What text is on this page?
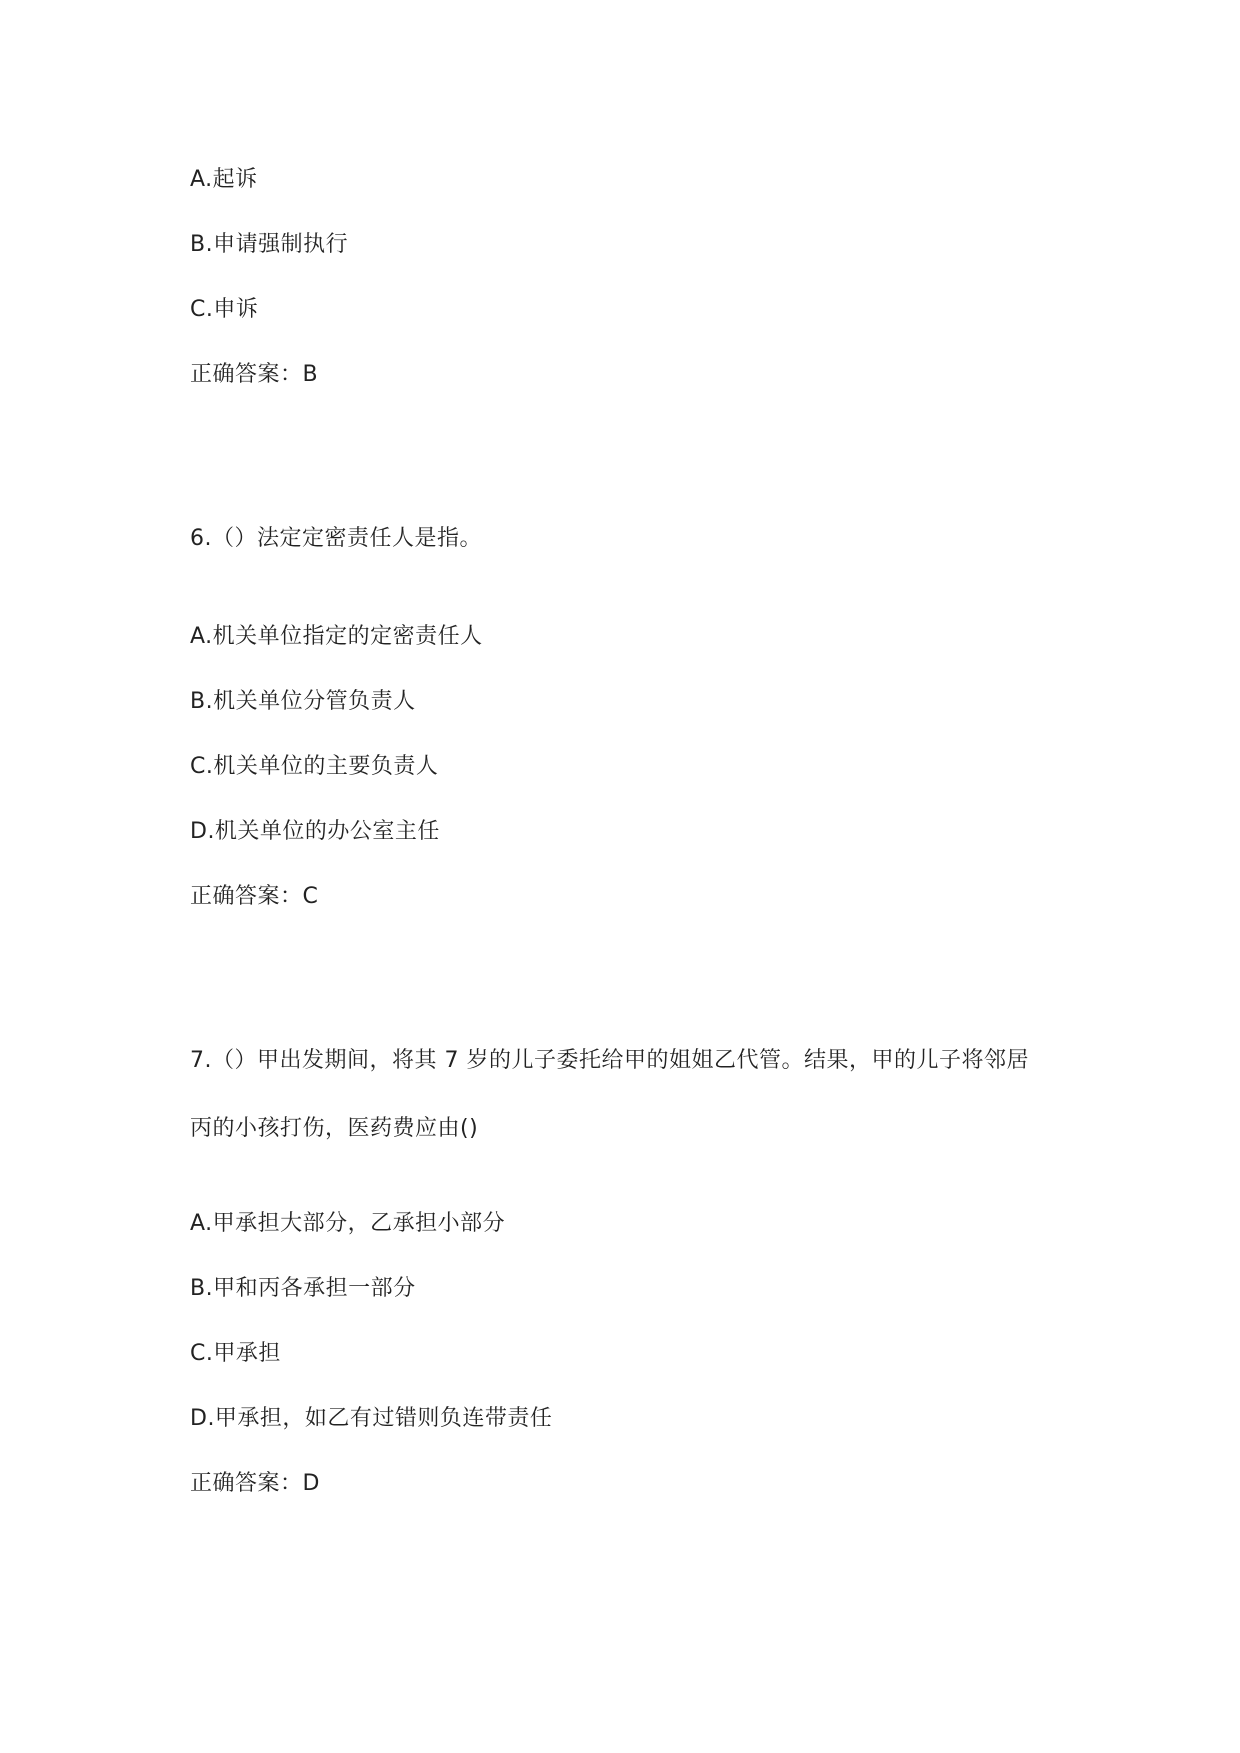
A.起诉
B.申请强制执行
C.申诉
正确答案：B
6.（）法定定密责任人是指。
A.机关单位指定的定密责任人
B.机关单位分管负责人
C.机关单位的主要负责人
D.机关单位的办公室主任
正确答案：C
7.（）甲出发期间，将其 7 岁的儿子委托给甲的姐姐乙代管。结果，甲的儿子将邻居
丙的小孩打伤，医药费应由()
A.甲承担大部分，乙承担小部分
B.甲和丙各承担一部分
C.甲承担
D.甲承担，如乙有过错则负连带责任
正确答案：D
